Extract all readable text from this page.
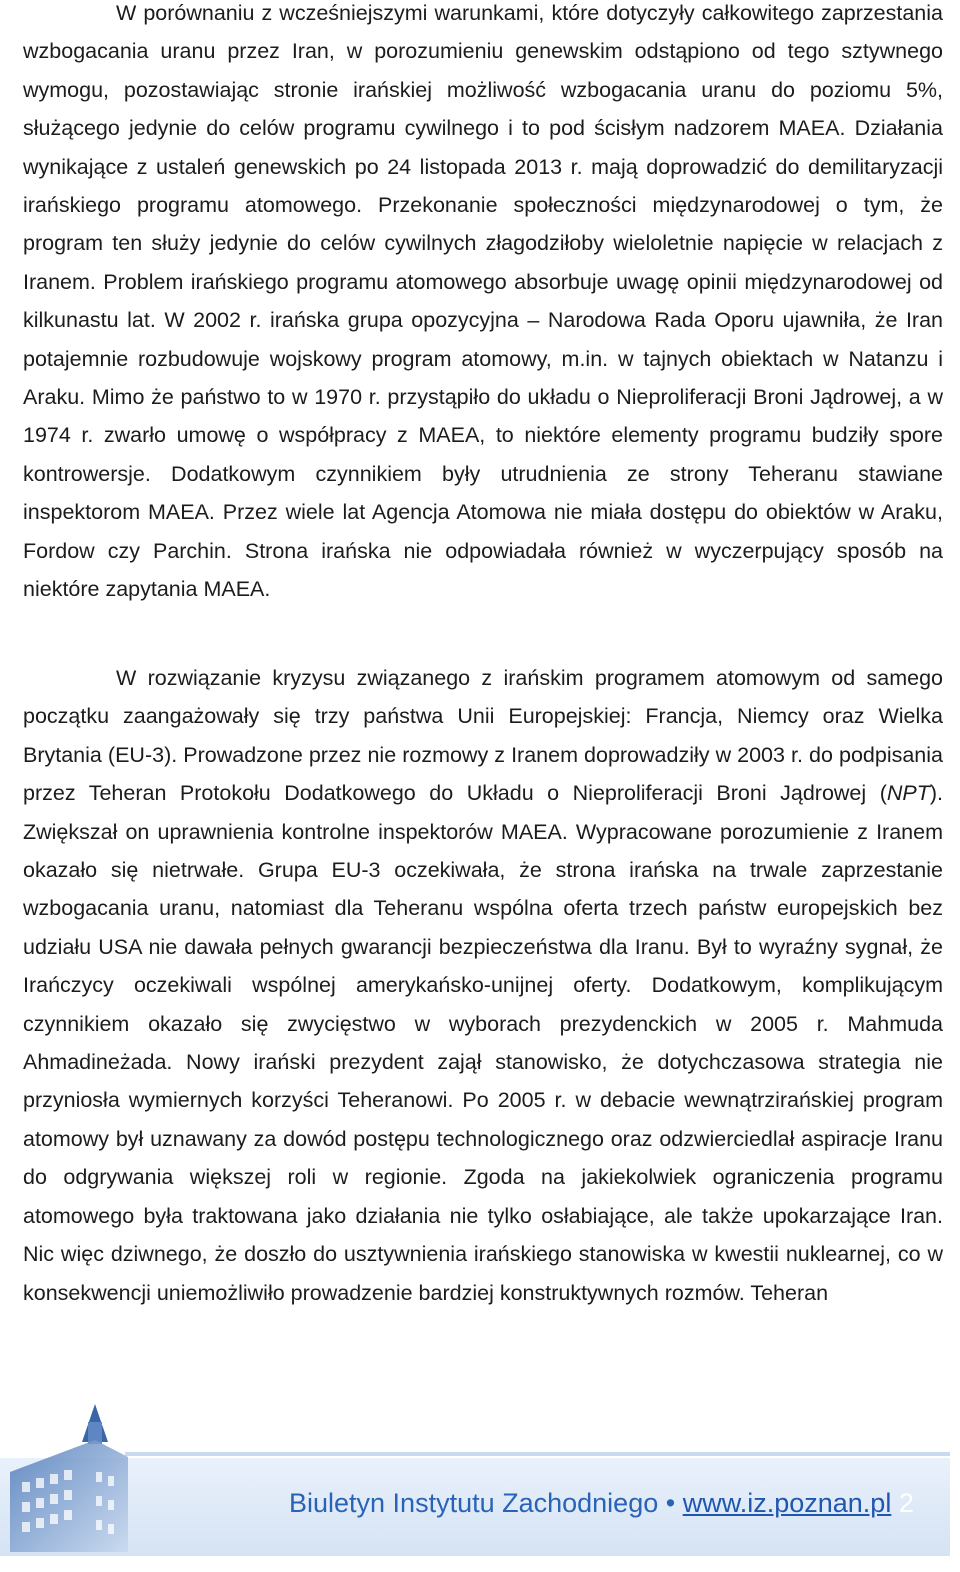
W porównaniu z wcześniejszymi warunkami, które dotyczyły całkowitego zaprzestania wzbogacania uranu przez Iran, w porozumieniu genewskim odstąpiono od tego sztywnego wymogu, pozostawiając stronie irańskiej możliwość wzbogacania uranu do poziomu 5%, służącego jedynie do celów programu cywilnego i to pod ścisłym nadzorem MAEA. Działania wynikające z ustaleń genewskich po 24 listopada 2013 r. mają doprowadzić do demilitaryzacji irańskiego programu atomowego. Przekonanie społeczności międzynarodowej o tym, że program ten służy jedynie do celów cywilnych złagodziłoby wieloletnie napięcie w relacjach z Iranem. Problem irańskiego programu atomowego absorbuje uwagę opinii międzynarodowej od kilkunastu lat. W 2002 r. irańska grupa opozycyjna – Narodowa Rada Oporu ujawniła, że Iran potajemnie rozbudowuje wojskowy program atomowy, m.in. w tajnych obiektach w Natanzu i Araku. Mimo że państwo to w 1970 r. przystąpiło do układu o Nieproliferacji Broni Jądrowej, a w 1974 r. zwarło umowę o współpracy z MAEA, to niektóre elementy programu budziły spore kontrowersje. Dodatkowym czynnikiem były utrudnienia ze strony Teheranu stawiane inspektorom MAEA. Przez wiele lat Agencja Atomowa nie miała dostępu do obiektów w Araku, Fordow czy Parchin. Strona irańska nie odpowiadała również w wyczerpujący sposób na niektóre zapytania MAEA.

W rozwiązanie kryzysu związanego z irańskim programem atomowym od samego początku zaangażowały się trzy państwa Unii Europejskiej: Francja, Niemcy oraz Wielka Brytania (EU-3). Prowadzone przez nie rozmowy z Iranem doprowadziły w 2003 r. do podpisania przez Teheran Protokołu Dodatkowego do Układu o Nieproliferacji Broni Jądrowej (NPT). Zwiększał on uprawnienia kontrolne inspektorów MAEA. Wypracowane porozumienie z Iranem okazało się nietrwałe. Grupa EU-3 oczekiwała, że strona irańska na trwale zaprzestanie wzbogacania uranu, natomiast dla Teheranu wspólna oferta trzech państw europejskich bez udziału USA nie dawała pełnych gwarancji bezpieczeństwa dla Iranu. Był to wyraźny sygnał, że Irańczycy oczekiwali wspólnej amerykańsko-unijnej oferty. Dodatkowym, komplikującym czynnikiem okazało się zwycięstwo w wyborach prezydenckich w 2005 r. Mahmuda Ahmadineżada. Nowy irański prezydent zajął stanowisko, że dotychczasowa strategia nie przyniosła wymiernych korzyści Teheranowi. Po 2005 r. w debacie wewnątrzirańskiej program atomowy był uznawany za dowód postępu technologicznego oraz odzwierciedlał aspiracje Iranu do odgrywania większej roli w regionie. Zgoda na jakiekolwiek ograniczenia programu atomowego była traktowana jako działania nie tylko osłabiające, ale także upokarzające Iran. Nic więc dziwnego, że doszło do usztywnienia irańskiego stanowiska w kwestii nuklearnej, co w konsekwencji uniemożliwiło prowadzenie bardziej konstruktywnych rozmów. Teheran

Biuletyn Instytutu Zachodniego • www.iz.poznan.pl 2
